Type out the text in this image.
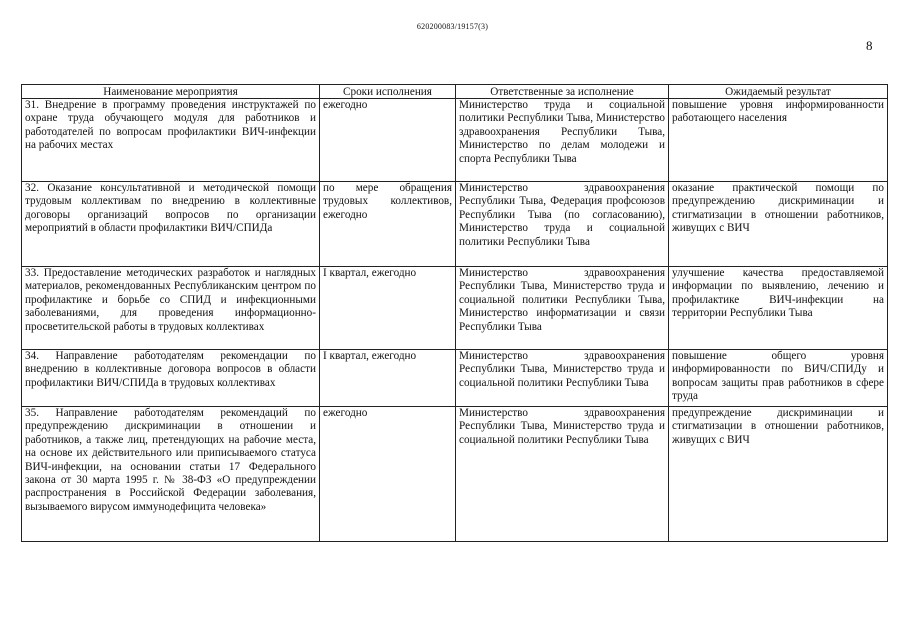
620200083/19157(3)
8
Наименование мероприятия	Сроки исполнения	Ответственные за исполнение	Ожидаемый результат
31. Внедрение в программу проведения инструктажей по охране труда обучающего модуля для работников и работодателей по вопросам профилактики ВИЧ-инфекции на рабочих местах	ежегодно	Министерство труда и социальной политики Республики Тыва, Министерство здравоохранения Республики Тыва, Министерство по делам молодежи и спорта Республики Тыва	повышение уровня информированности работающего населения
32. Оказание консультативной и методической помощи трудовым коллективам по внедрению в коллективные договоры организаций вопросов по организации мероприятий в области профилактики ВИЧ/СПИДа	по мере обращения трудовых коллективов, ежегодно	Министерство здравоохранения Республики Тыва, Федерация профсоюзов Республики Тыва (по согласованию), Министерство труда и социальной политики Республики Тыва	оказание практической помощи по предупреждению дискриминации и стигматизации в отношении работников, живущих с ВИЧ
33. Предоставление методических разработок и наглядных материалов, рекомендованных Республиканским центром по профилактике и борьбе со СПИД и инфекционными заболеваниями, для проведения информационно-просветительской работы в трудовых коллективах	I квартал, ежегодно	Министерство здравоохранения Республики Тыва, Министерство труда и социальной политики Республики Тыва, Министерство информатизации и связи Республики Тыва	улучшение качества предоставляемой информации по выявлению, лечению и профилактике ВИЧ-инфекции на территории Республики Тыва
34. Направление работодателям рекомендации по внедрению в коллективные договора вопросов в области профилактики ВИЧ/СПИДа в трудовых коллективах	I квартал, ежегодно	Министерство здравоохранения Республики Тыва, Министерство труда и социальной политики Республики Тыва	повышение общего уровня информированности по ВИЧ/СПИДу и вопросам защиты прав работников в сфере труда
35. Направление работодателям рекомендаций по предупреждению дискриминации в отношении и работников, а также лиц, претендующих на рабочие места, на основе их действительного или приписываемого статуса ВИЧ-инфекции, на основании статьи 17 Федерального закона от 30 марта 1995 г. № 38-ФЗ «О предупреждении распространения в Российской Федерации заболевания, вызываемого вирусом иммунодефицита человека»	ежегодно	Министерство здравоохранения Республики Тыва, Министерство труда и социальной политики Республики Тыва	предупреждение дискриминации и стигматизации в отношении работников, живущих с ВИЧ
